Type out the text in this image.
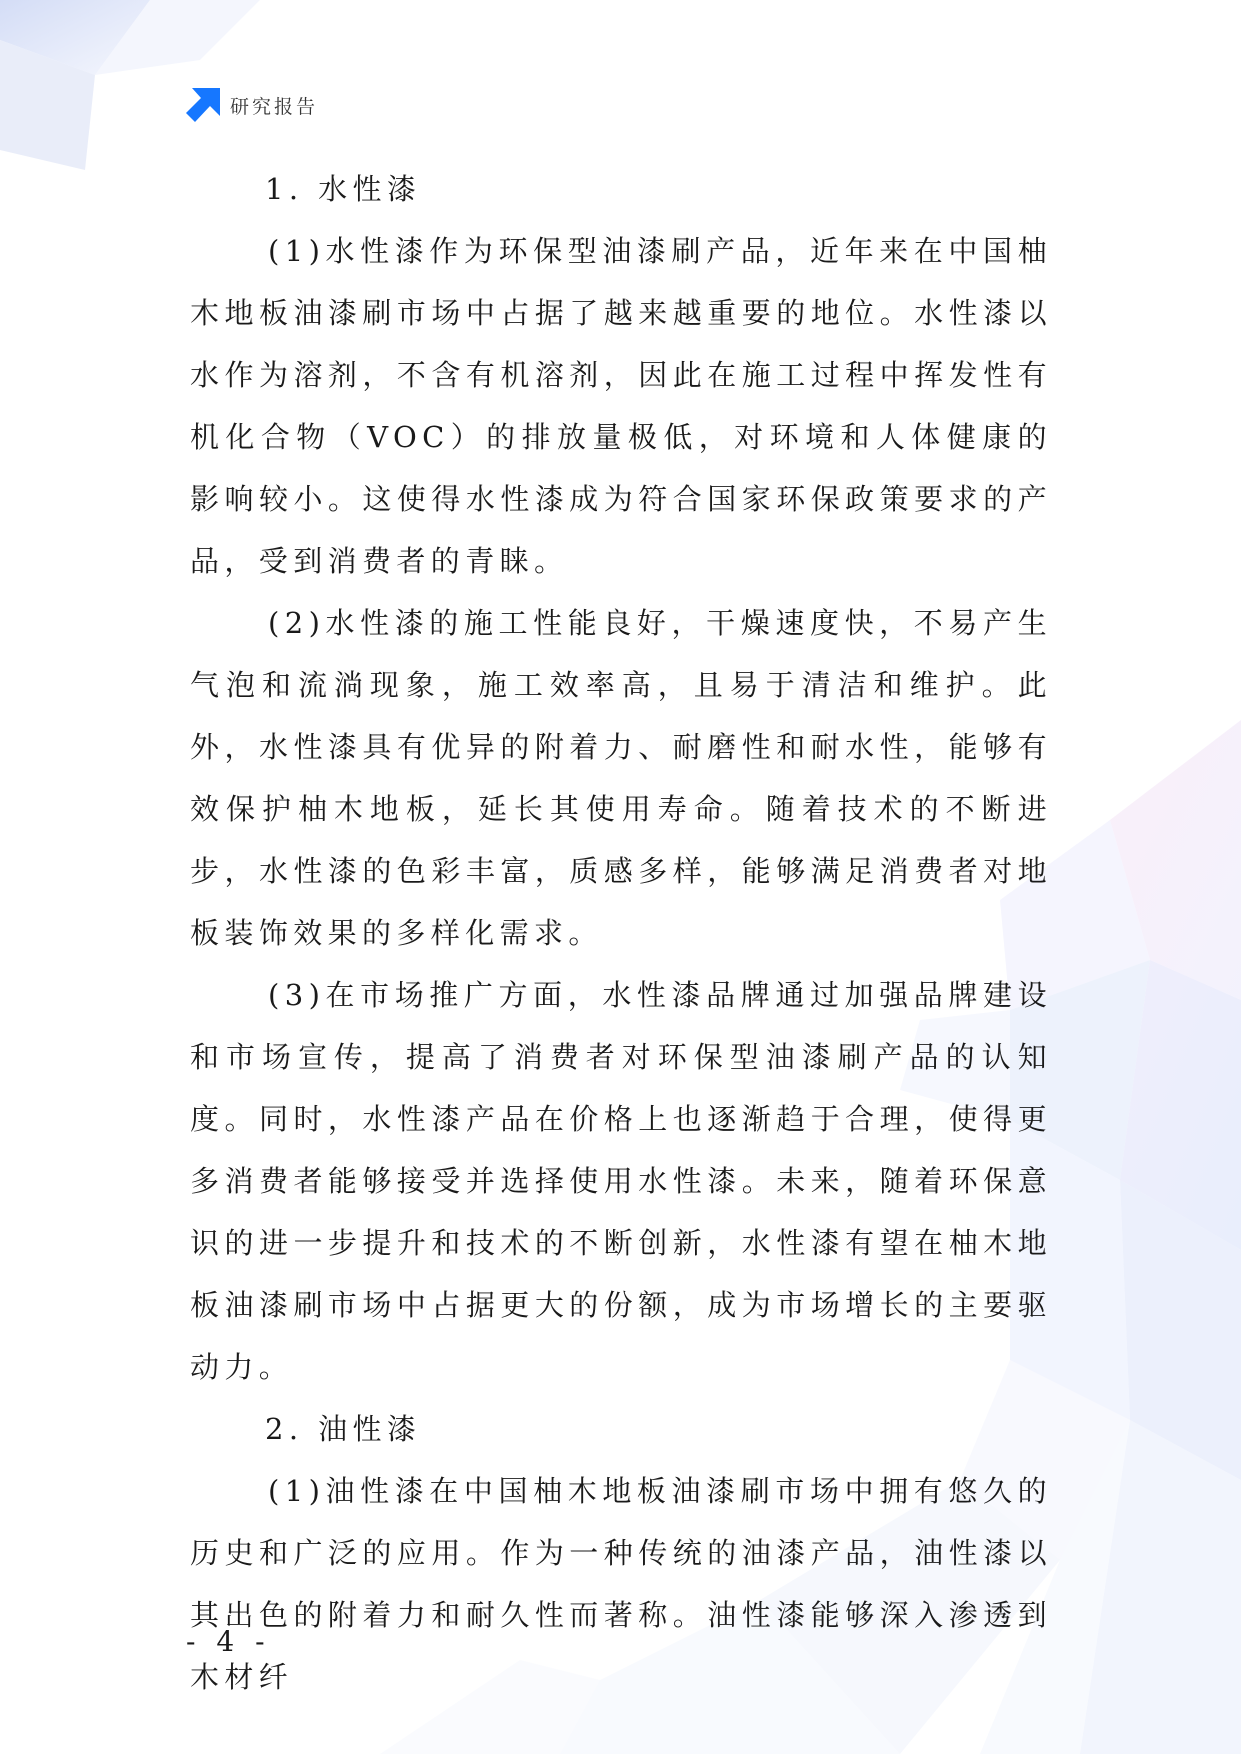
研究报告
1. 水性漆

(1)水性漆作为环保型油漆刷产品，近年来在中国柚木地板油漆刷市场中占据了越来越重要的地位。水性漆以水作为溶剂，不含有机溶剂，因此在施工过程中挥发性有机化合物（VOC）的排放量极低，对环境和人体健康的影响较小。这使得水性漆成为符合国家环保政策要求的产品，受到消费者的青睐。

(2)水性漆的施工性能良好，干燥速度快，不易产生气泡和流淌现象，施工效率高，且易于清洁和维护。此外，水性漆具有优异的附着力、耐磨性和耐水性，能够有效保护柚木地板，延长其使用寿命。随着技术的不断进步，水性漆的色彩丰富，质感多样，能够满足消费者对地板装饰效果的多样化需求。

(3)在市场推广方面，水性漆品牌通过加强品牌建设和市场宣传，提高了消费者对环保型油漆刷产品的认知度。同时，水性漆产品在价格上也逐渐趋于合理，使得更多消费者能够接受并选择使用水性漆。未来，随着环保意识的进一步提升和技术的不断创新，水性漆有望在柚木地板油漆刷市场中占据更大的份额，成为市场增长的主要驱动力。

2. 油性漆

(1)油性漆在中国柚木地板油漆刷市场中拥有悠久的历史和广泛的应用。作为一种传统的油漆产品，油性漆以其出色的附着力和耐久性而著称。油性漆能够深入渗透到木材纤

- 4 -
